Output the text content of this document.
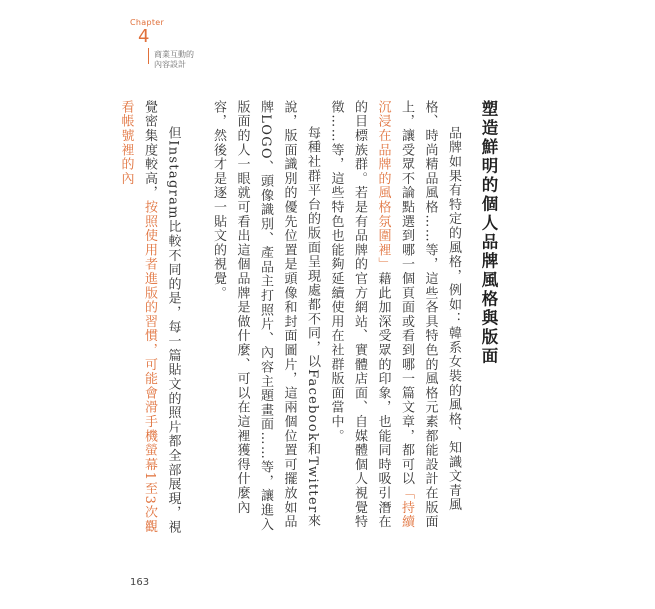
Chapter
4
商業互動的
內容設計
塑造鮮明的個人品牌風格與版面

品牌如果有特定的風格，例如：韓系女裝的風格、知識文青風格、時尚精品風格……等，這些各具特色的風格元素都能設計在版面上，讓受眾不論點選到哪一個頁面或看到哪一篇文章，都可以「持續沉浸在品牌的風格氛圍裡」藉此加深受眾的印象，也能同時吸引潛在的目標族群。若是有品牌的官方網站、實體店面、自媒體個人視覺特徵……等，這些特色也能夠延續使用在社群版面當中。

每種社群平台的版面呈現處都不同，以Facebook和Twitter來說，版面識別的優先位置是頭像和封面圖片，這兩個位置可擺放如品牌LOGO、頭像識別、產品主打照片、內容主題畫面……等，讓進入版面的人一眼就可看出這個品牌是做什麼、可以在這裡獲得什麼內容，然後才是逐一貼文的視覺。

但Instagram比較不同的是，每一篇貼文的照片都全部展現，視覺密集度較高，按照使用者進版的習慣，可能會滑手機螢幕1至3次觀看帳號裡的內

163
